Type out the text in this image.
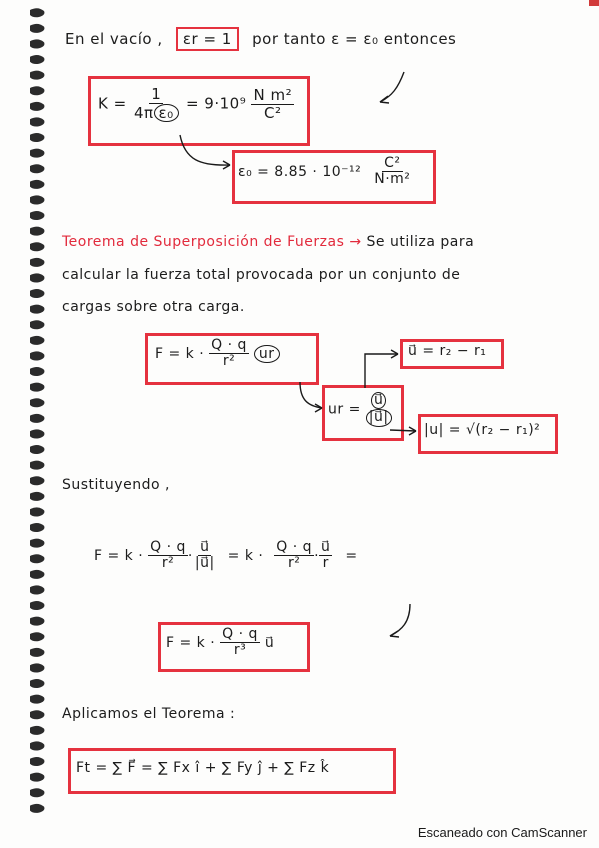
En el vacío , εr = 1 por tanto ε = ε₀ entonces
$K = \frac{1}{\text{4π ε₀}} = 9\cdot 10^9 \frac{\text{N m²}}{\text{C²}}$
$\varepsilon_0 = 8.85 \cdot 10^{-12} \frac{\text{C²}}{\text{N·m²}}$
Teorema de Superposición de Fuerzas → Se utiliza para
calcular la fuerza total provocada por un conjunto de
cargas sobre otra carga.
$F = k \cdot \frac{Q \cdot q}{\text{r²}}$ ur	u⃗ = r₂ − r₁
ur = $\frac{u⃗}{|u⃗|}$
|u| = √(r₂ − r₁)²
Sustituyendo ,
$F = k \cdot \frac{Q \cdot q}{\text{r²}} \cdot \frac{u⃗}{|u⃗|} = k \cdot \frac{Q \cdot q}{\text{r²}} \cdot \frac{u⃗}{r}$ =
$F = k \cdot \frac{Q \cdot q}{\text{r³}}$ u⃗
Aplicamos el Teorema :
Ft = ∑ F⃗ = ∑ Fx î + ∑ Fy ĵ + ∑ Fz k̂
Escaneado con CamScanner
